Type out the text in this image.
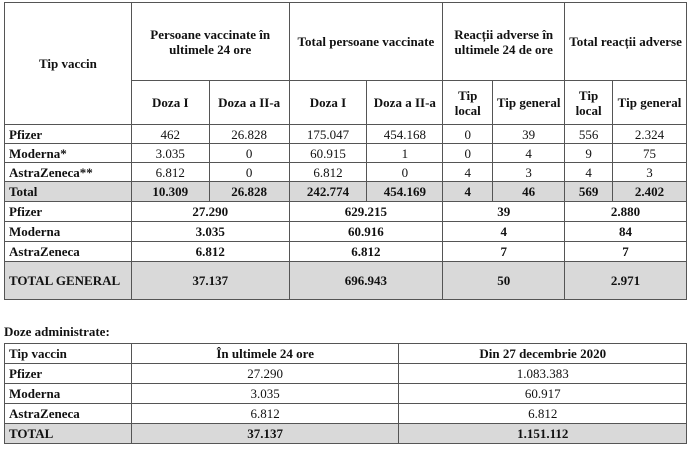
Tip vaccin	Persoane vaccinate în ultimele 24 ore		Total persoane vaccinate		Reacții adverse în ultimele 24 de ore		Total reacții adverse	
	Doza I	Doza a II-a	Doza I	Doza a II-a	Tip local	Tip general	Tip local	Tip general
Pfizer	462	26.828	175.047	454.168	0	39	556	2.324
Moderna*	3.035	0	60.915	1	0	4	9	75
AstraZeneca**	6.812	0	6.812	0	4	3	4	3
Total	10.309	26.828	242.774	454.169	4	46	569	2.402
Pfizer	27.290		629.215		39		2.880	
Moderna	3.035		60.916		4		84	
AstraZeneca	6.812		6.812		7		7	
TOTAL GENERAL	37.137		696.943		50		2.971	
Doze administrate:
Tip vaccin	În ultimele 24 ore	Din 27 decembrie 2020
Pfizer	27.290	1.083.383
Moderna	3.035	60.917
AstraZeneca	6.812	6.812
TOTAL	37.137	1.151.112
